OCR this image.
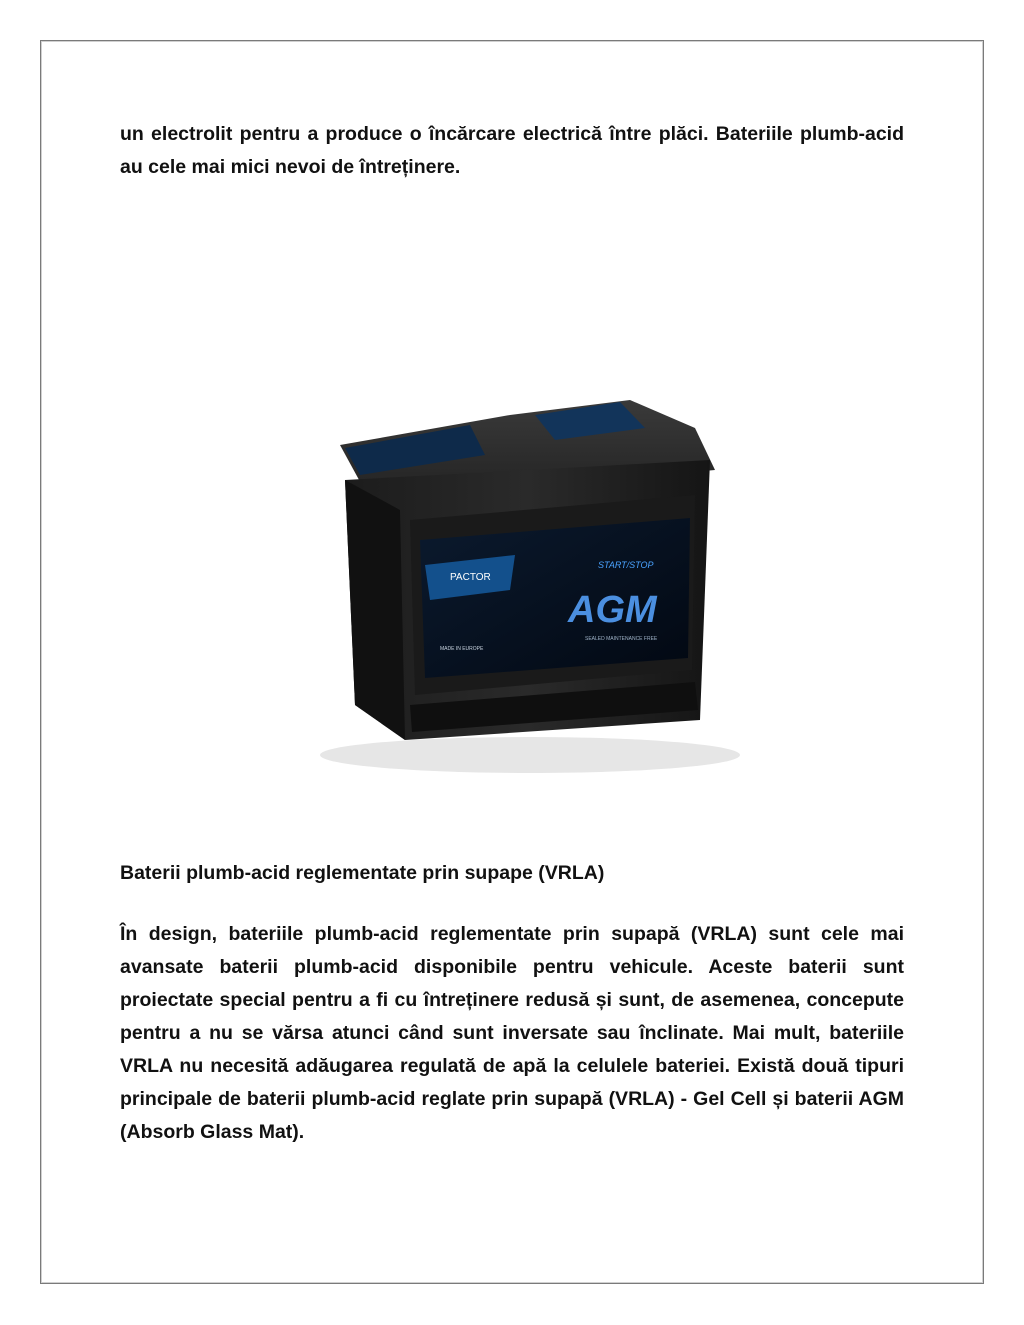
un electrolit pentru a produce o încărcare electrică între plăci. Bateriile plumb-acid au cele mai mici nevoi de întreținere.
PACTOR
START/STOP
AGM
SEALED MAINTENANCE FREE
MADE IN EUROPE
Baterii plumb-acid reglementate prin supape (VRLA)
În design, bateriile plumb-acid reglementate prin supapă (VRLA) sunt cele mai avansate baterii plumb-acid disponibile pentru vehicule. Aceste baterii sunt proiectate special pentru a fi cu întreținere redusă și sunt, de asemenea, concepute pentru a nu se vărsa atunci când sunt inversate sau înclinate. Mai mult, bateriile VRLA nu necesită adăugarea regulată de apă la celulele bateriei. Există două tipuri principale de baterii plumb-acid reglate prin supapă (VRLA) - Gel Cell și baterii AGM (Absorb Glass Mat).
